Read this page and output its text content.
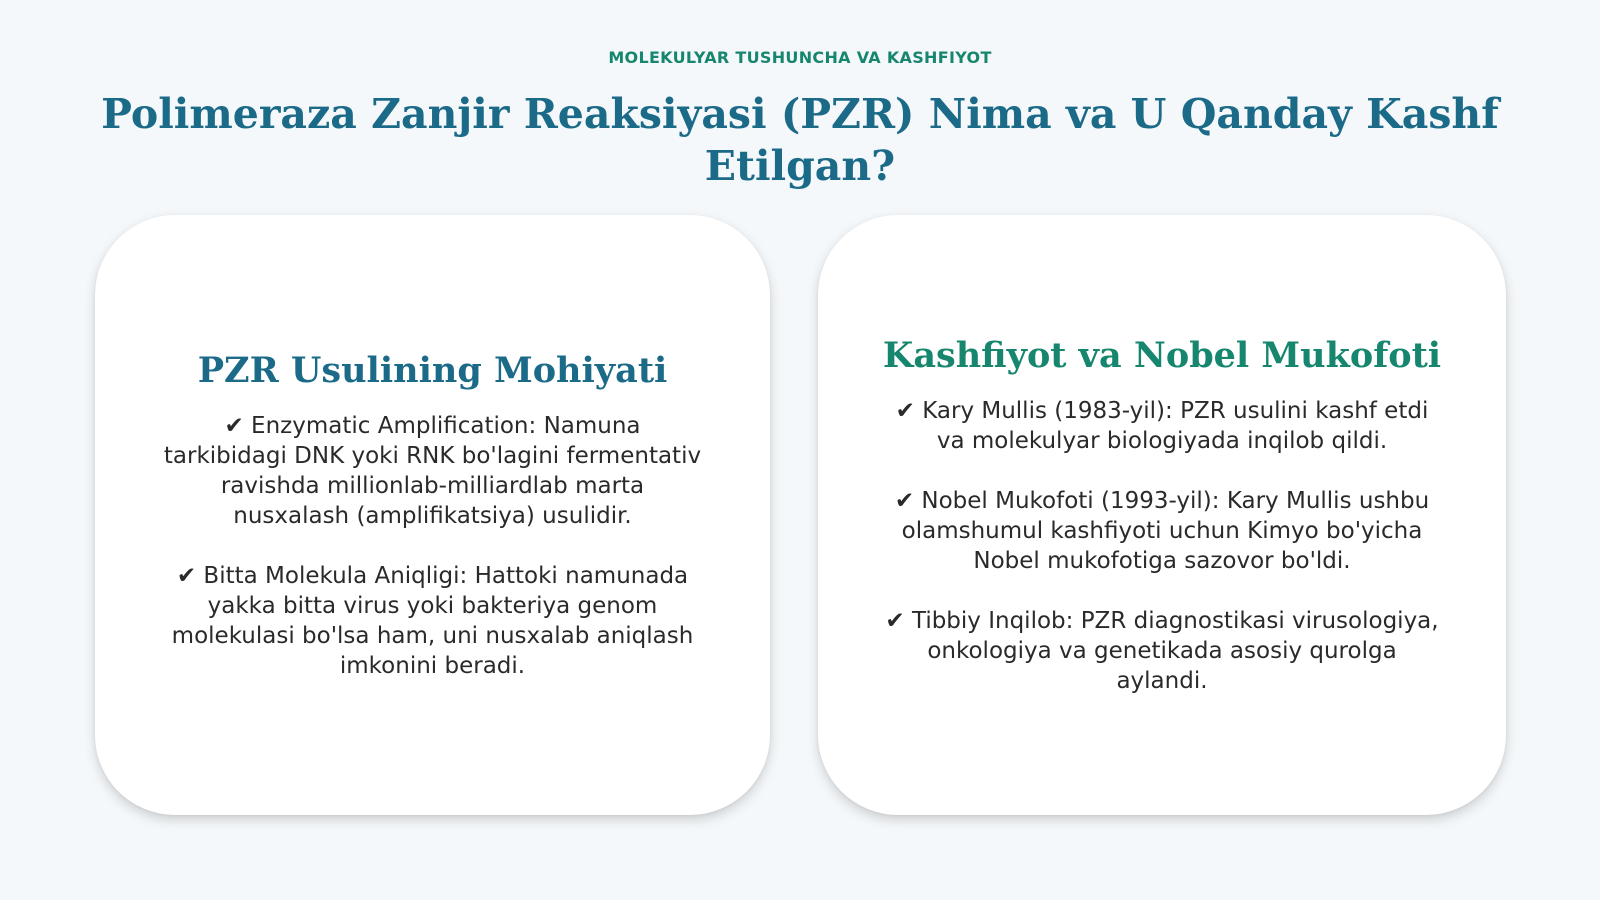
MOLEKULYAR TUSHUNCHA VA KASHFIYOT
Polimeraza Zanjir Reaksiyasi (PZR) Nima va U Qanday Kashf Etilgan?
PZR Usulining Mohiyati

✔ Enzymatic Amplification: Namuna tarkibidagi DNK yoki RNK bo'lagini fermentativ ravishda millionlab-milliardlab marta nusxalash (amplifikatsiya) usulidir.

✔ Bitta Molekula Aniqligi: Hattoki namunada yakka bitta virus yoki bakteriya genom molekulasi bo'lsa ham, uni nusxalab aniqlash imkonini beradi.

Kashfiyot va Nobel Mukofoti

✔ Kary Mullis (1983-yil): PZR usulini kashf etdi va molekulyar biologiyada inqilob qildi.

✔ Nobel Mukofoti (1993-yil): Kary Mullis ushbu olamshumul kashfiyoti uchun Kimyo bo'yicha Nobel mukofotiga sazovor bo'ldi.

✔ Tibbiy Inqilob: PZR diagnostikasi virusologiya, onkologiya va genetikada asosiy qurolga aylandi.
